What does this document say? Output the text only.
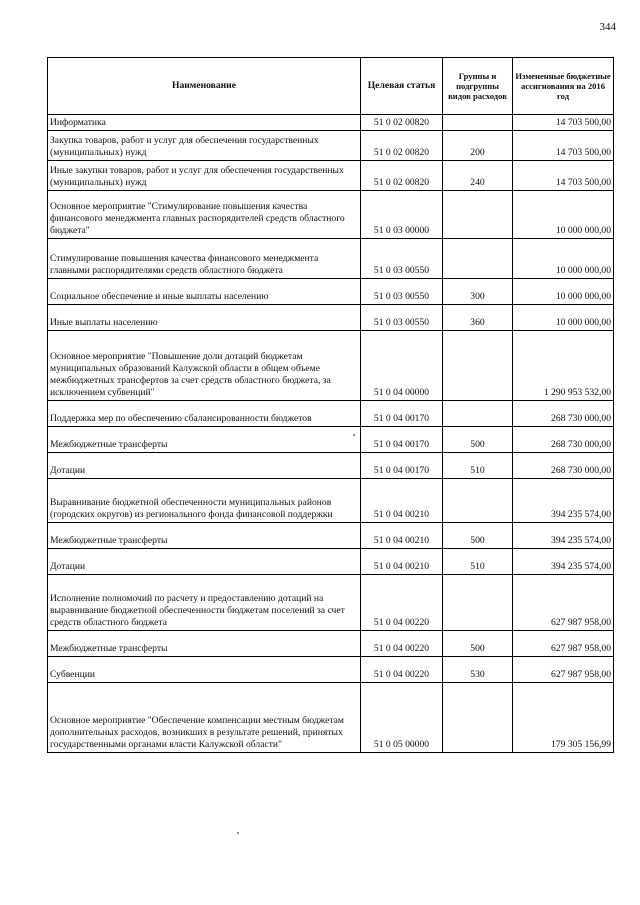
344
Наименование	Целевая статья	Группы и подгруппы видов расходов	Измененные бюджетные ассигнования на 2016 год
Информатика	51 0 02 00820		14 703 500,00
Закупка товаров, работ и услуг для обеспечения государственных (муниципальных) нужд	51 0 02 00820	200	14 703 500,00
Иные закупки товаров, работ и услуг для обеспечения государственных (муниципальных) нужд	51 0 02 00820	240	14 703 500,00
Основное мероприятие "Стимулирование повышения качества финансового менеджмента главных распорядителей средств областного бюджета"	51 0 03 00000		10 000 000,00
Стимулирование повышения качества финансового менеджмента главными распорядителями средств областного бюджета	51 0 03 00550		10 000 000,00
Социальное обеспечение и иные выплаты населению	51 0 03 00550	300	10 000 000,00
Иные выплаты населению	51 0 03 00550	360	10 000 000,00
Основное мероприятие "Повышение доли дотаций бюджетам муниципальных образований Калужской области в общем объеме межбюджетных трансфертов за счет средств областного бюджета, за исключением субвенций"	51 0 04 00000		1 290 953 532,00
Поддержка мер по обеспечению сбалансированности бюджетов	51 0 04 00170		268 730 000,00
Межбюджетные трансферты	51 0 04 00170	500	268 730 000,00
Дотации	51 0 04 00170	510	268 730 000,00
Выравнивание бюджетной обеспеченности муниципальных районов (городских округов) из регионального фонда финансовой поддержки	51 0 04 00210		394 235 574,00
Межбюджетные трансферты	51 0 04 00210	500	394 235 574,00
Дотации	51 0 04 00210	510	394 235 574,00
Исполнение полномочий по расчету и предоставлению дотаций на выравнивание бюджетной обеспеченности бюджетам поселений за счет средств областного бюджета	51 0 04 00220		627 987 958,00
Межбюджетные трансферты	51 0 04 00220	500	627 987 958,00
Субвенции	51 0 04 00220	530	627 987 958,00
Основное мероприятие "Обеспечение компенсации местным бюджетам дополнительных расходов, возникших в результате решений, принятых государственными органами власти Калужской области"	51 0 05 00000		179 305 156,99
